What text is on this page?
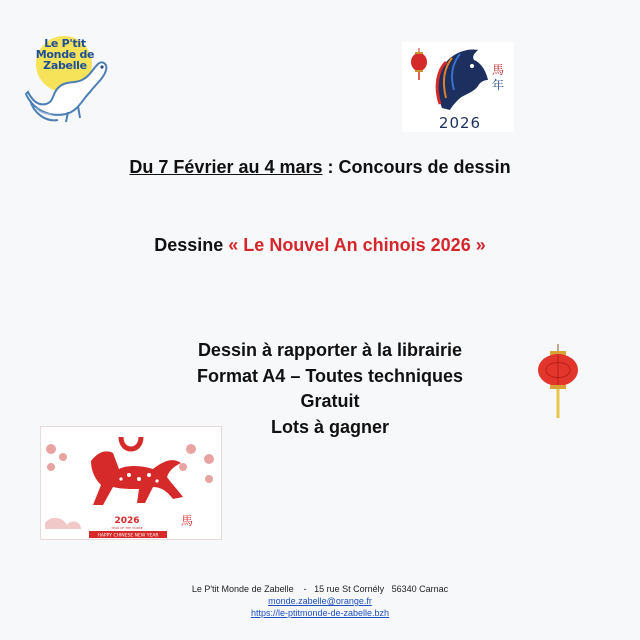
Le P'tit
Monde de
Zabelle	馬
年
2026
Du 7 Février au 4 mars : Concours de dessin
Dessine « Le Nouvel An chinois 2026 »
Dessin à rapporter à la librairie
Format A4 – Toutes techniques
Gratuit
Lots à gagner
2026
YEAR OF THE HORSE
HAPPY CHINESE NEW YEAR
馬
Le P'tit Monde de Zabelle    -   15 rue St Cornély   56340 Carnac
monde.zabelle@orange.fr
https://le-ptitmonde-de-zabelle.bzh
